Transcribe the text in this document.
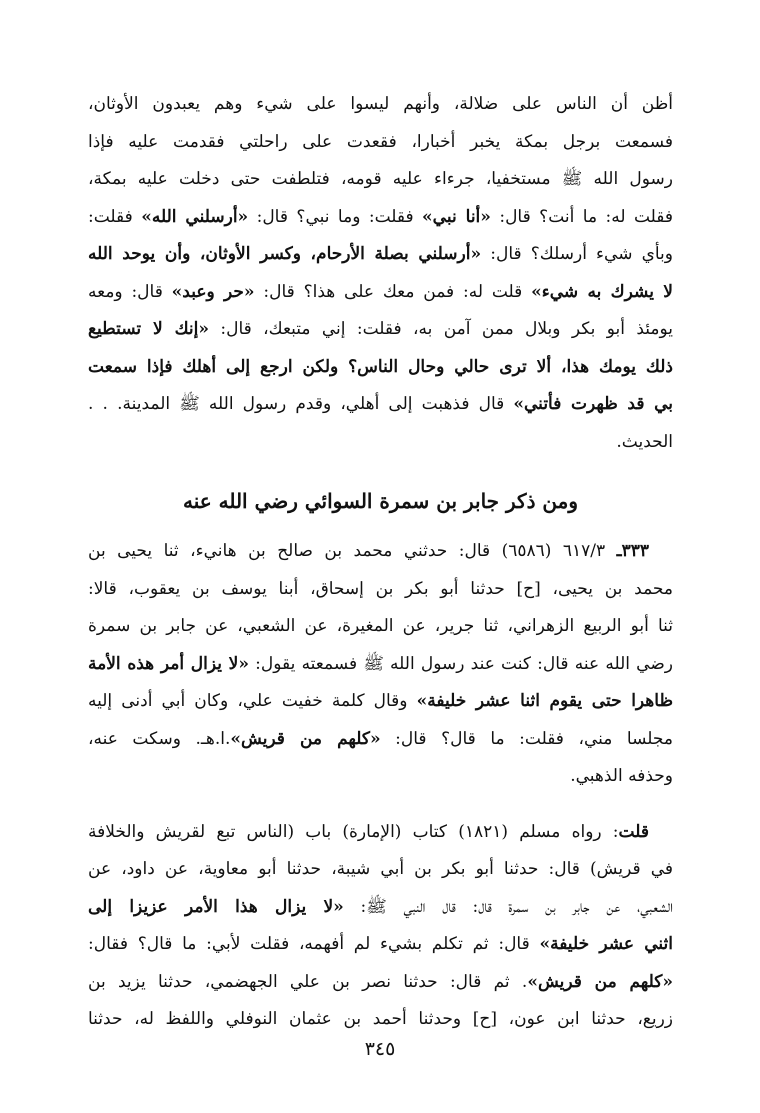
أظن أن الناس على ضلالة، وأنهم ليسوا على شيء وهم يعبدون الأوثان،
فسمعت برجل بمكة يخبر أخبارا، فقعدت على راحلتي فقدمت عليه فإذا
رسول الله ﷺ مستخفيا، جرءاء عليه قومه، فتلطفت حتى دخلت عليه بمكة،
فقلت له: ما أنت؟ قال: «أنا نبي» فقلت: وما نبي؟ قال: «أرسلني الله» فقلت:
وبأي شيء أرسلك؟ قال: «أرسلني بصلة الأرحام، وكسر الأوثان، وأن يوحد الله
لا يشرك به شيء» قلت له: فمن معك على هذا؟ قال: «حر وعبد» قال: ومعه
يومئذ أبو بكر وبلال ممن آمن به، فقلت: إني متبعك، قال: «إنك لا تستطيع
ذلك يومك هذا، ألا ترى حالي وحال الناس؟ ولكن ارجع إلى أهلك فإذا سمعت
بي قد ظهرت فأتني» قال فذهبت إلى أهلي، وقدم رسول الله ﷺ المدينة. . .
الحديث.
ومن ذكر جابر بن سمرة السوائي رضي الله عنه
٣٣٣ـ ٦١٧/٣ (٦٥٨٦) قال: حدثني محمد بن صالح بن هانيء، ثنا يحيى بن
محمد بن يحيى، [ح] حدثنا أبو بكر بن إسحاق، أبنا يوسف بن يعقوب، قالا:
ثنا أبو الربيع الزهراني، ثنا جرير، عن المغيرة، عن الشعبي، عن جابر بن سمرة
رضي الله عنه قال: كنت عند رسول الله ﷺ فسمعته يقول: «لا يزال أمر هذه الأمة
ظاهرا حتى يقوم اثنا عشر خليفة» وقال كلمة خفيت علي، وكان أبي أدنى إليه
مجلسا مني، فقلت: ما قال؟ قال: «كلهم من قريش».ا.هـ. وسكت عنه،
وحذفه الذهبي.
قلت: رواه مسلم (١٨٢١) كتاب (الإمارة) باب (الناس تبع لقريش والخلافة
في قريش) قال: حدثنا أبو بكر بن أبي شيبة، حدثنا أبو معاوية، عن داود، عن
الشعبي، عن جابر بن سمرة قال: قال النبي ﷺ: «لا يزال هذا الأمر عزيزا إلى
اثني عشر خليفة» قال: ثم تكلم بشيء لم أفهمه، فقلت لأبي: ما قال؟ فقال:
«كلهم من قريش». ثم قال: حدثنا نصر بن علي الجهضمي، حدثنا يزيد بن
زريع، حدثنا ابن عون، [ح] وحدثنا أحمد بن عثمان النوفلي واللفظ له، حدثنا
٣٤٥
